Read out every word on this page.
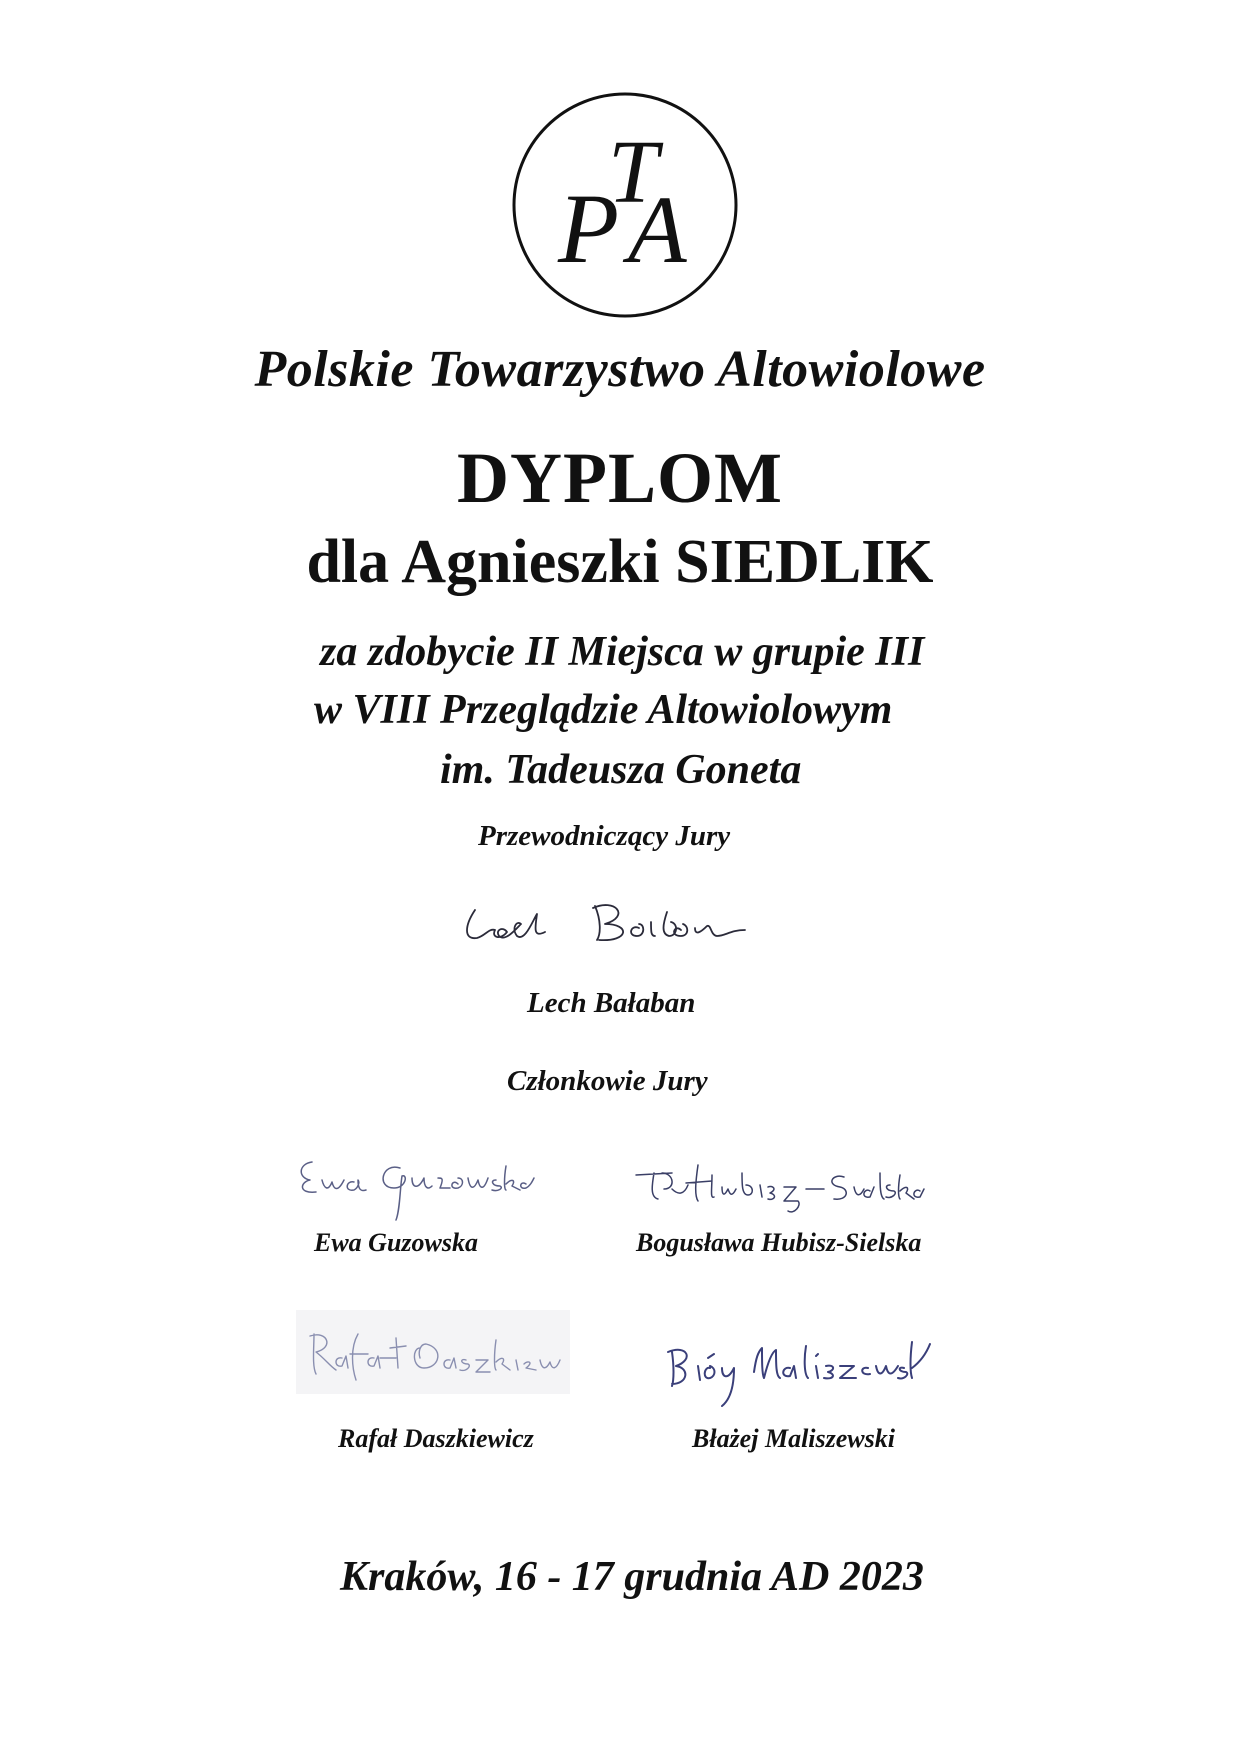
P
T
A
Polskie Towarzystwo Altowiolowe
DYPLOM
dla Agnieszki SIEDLIK
za zdobycie II Miejsca w grupie III
w VIII Przeglądzie Altowiolowym
im. Tadeusza Goneta
Przewodniczący Jury
Lech Bałaban
Członkowie Jury
Ewa Guzowska	Bogusława Hubisz-Sielska
Rafał Daszkiewicz	Błażej Maliszewski
Kraków, 16 - 17 grudnia AD 2023
